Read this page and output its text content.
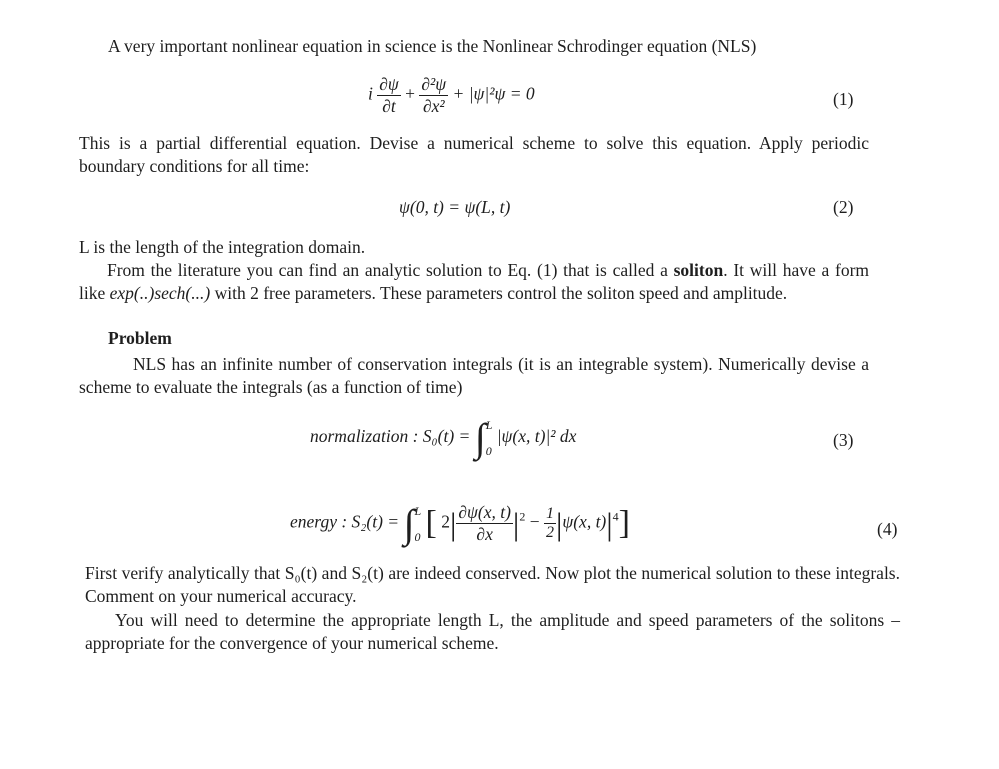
A very important nonlinear equation in science is the Nonlinear Schrodinger equation (NLS)
i $\frac{\partial\psi}{\partial t} + \frac{\text{∂²ψ}}{\text{∂x²}} + |\psi|^2\psi = 0$	(1)
This is a partial differential equation. Devise a numerical scheme to solve this equation. Apply periodic boundary conditions for all time:
ψ(0, t) = ψ(L, t)	(2)
L is the length of the integration domain.
From the literature you can find an analytic solution to Eq. (1) that is called a soliton. It will have a form like exp(..)sech(...) with 2 free parameters. These parameters control the soliton speed and amplitude.
Problem
NLS has an infinite number of conservation integrals (it is an integrable system). Numerically devise a scheme to evaluate the integrals (as a function of time)
normalization : S₀(t) = ∫ L
0
|ψ(x, t)|² dx	(3)
energy : S₂(t) = ∫ L
0 [ $2| \frac{\partial\psi(x, t)}{\partial x} |^2 - \frac{1}{2} |\psi(x$, $t)|^4$]	(4)
First verify analytically that S₀(t) and S₂(t) are indeed conserved. Now plot the numerical solution to these integrals. Comment on your numerical accuracy.
You will need to determine the appropriate length L, the amplitude and speed parameters of the solitons – appropriate for the convergence of your numerical scheme.
